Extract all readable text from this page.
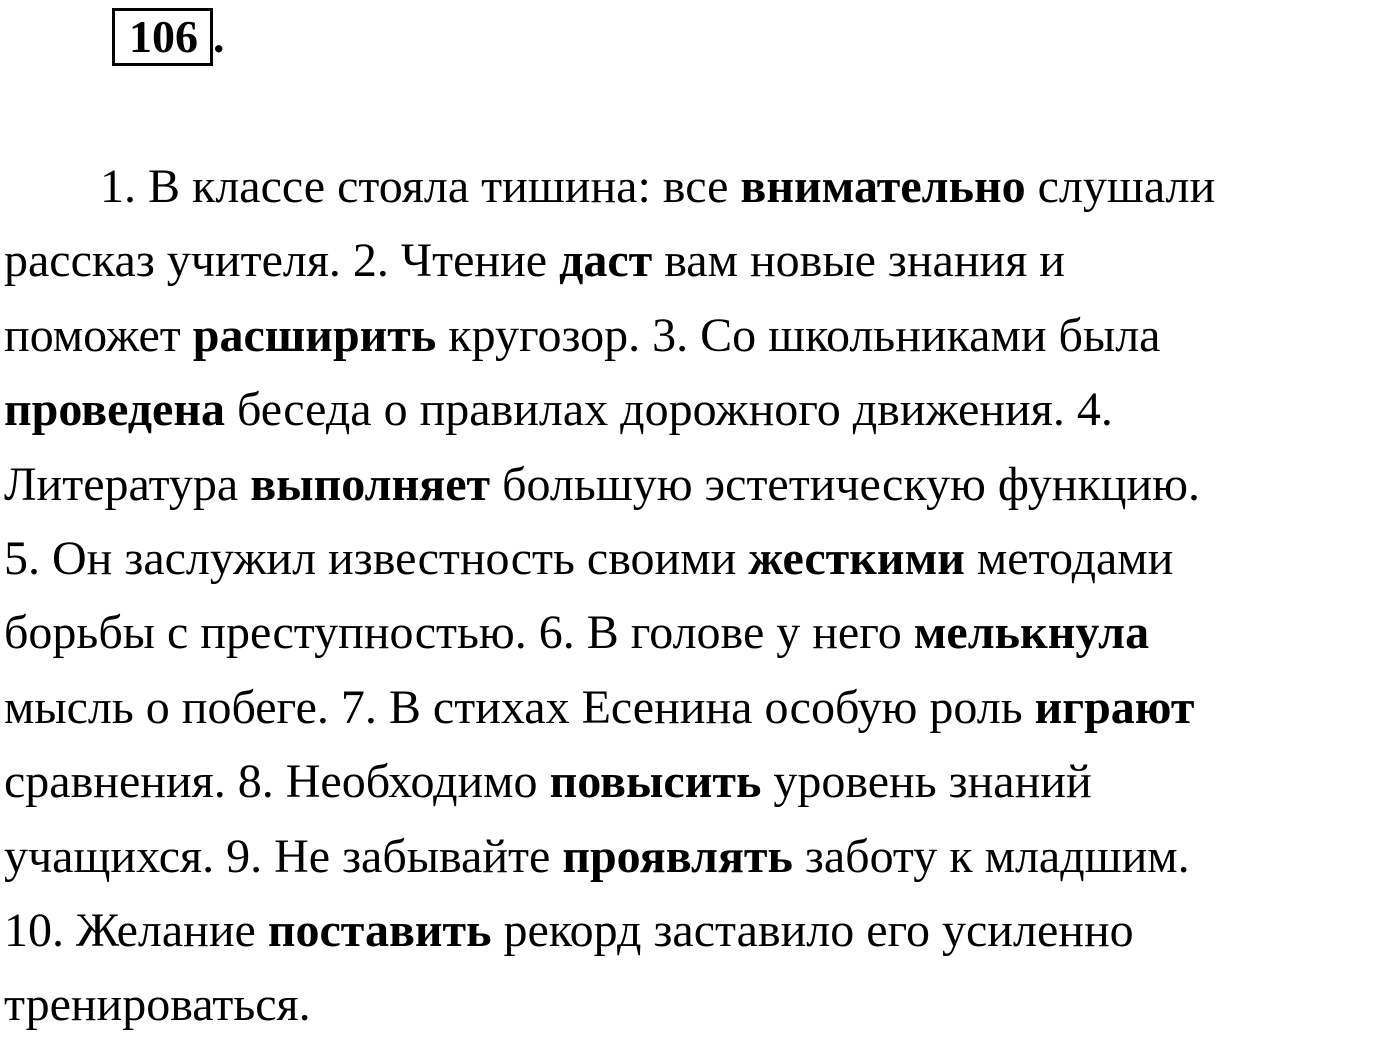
106 .
1. В классе стояла тишина: все внимательно слушали
рассказ учителя. 2. Чтение даст вам новые знания и
поможет расширить кругозор. 3. Со школьниками была
проведена беседа о правилах дорожного движения. 4.
Литература выполняет большую эстетическую функцию.
5. Он заслужил известность своими жесткими методами
борьбы с преступностью. 6. В голове у него мелькнула
мысль о побеге. 7. В стихах Есенина особую роль играют
сравнения. 8. Необходимо повысить уровень знаний
учащихся. 9. Не забывайте проявлять заботу к младшим.
10. Желание поставить рекорд заставило его усиленно
тренироваться.
